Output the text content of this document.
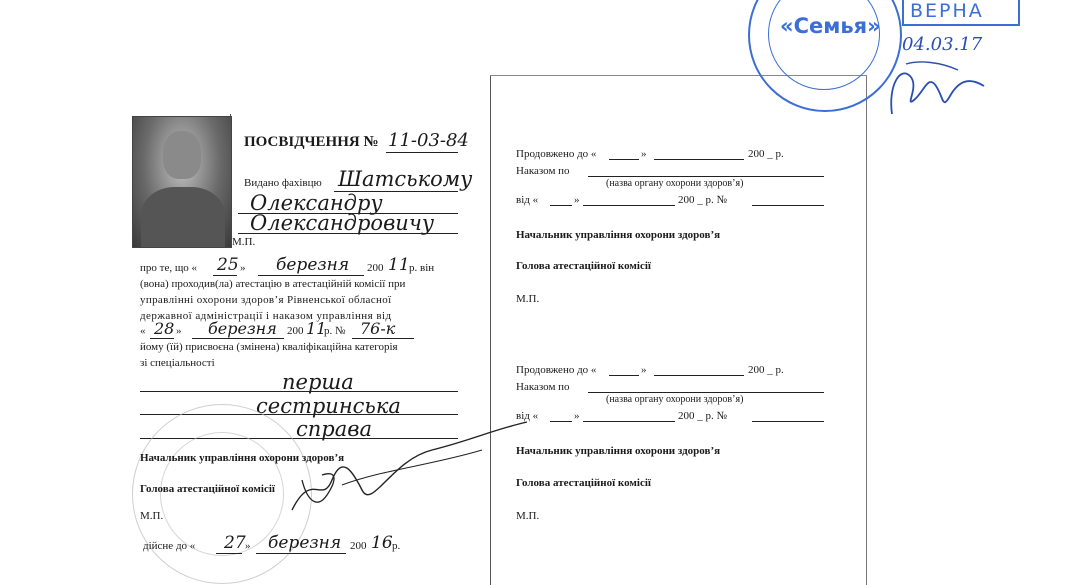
ПОСВІДЧЕННЯ № 11-03-84
Видано фахівцю Шатському
Олександру
Олександровичу
М.П.
про те, що « 25 » березня 200 11 р. він
(вона) проходив(ла) атестацію в атестаційній комісії при
управлінні охорони здоров’я Рівненської обласної
державної адміністрації і наказом управління від
« 28 » березня 200 11
р. № 76-к
йому (їй) присвоєна (змінена) кваліфікаційна категорія
зі спеціальності
перша
сестринська
справа
Начальник управління охорони здоров’я
Голова атестаційної комісії
М.П.
дійсне до « 27 » березня 200 16 р.
Продовжено до «	»	200 _ р.
Наказом по
(назва органу охорони здоров’я)
від «	»	200 _ р. №
Начальник управління охорони здоров’я
Голова атестаційної комісії
М.П.
Продовжено до «	»	200 _ р.
Наказом по
(назва органу охорони здоров’я)
від «	»	200 _ р. №
Начальник управління охорони здоров’я
Голова атестаційної комісії
М.П.
«Семья»
ВЕРНА
04.03.17
